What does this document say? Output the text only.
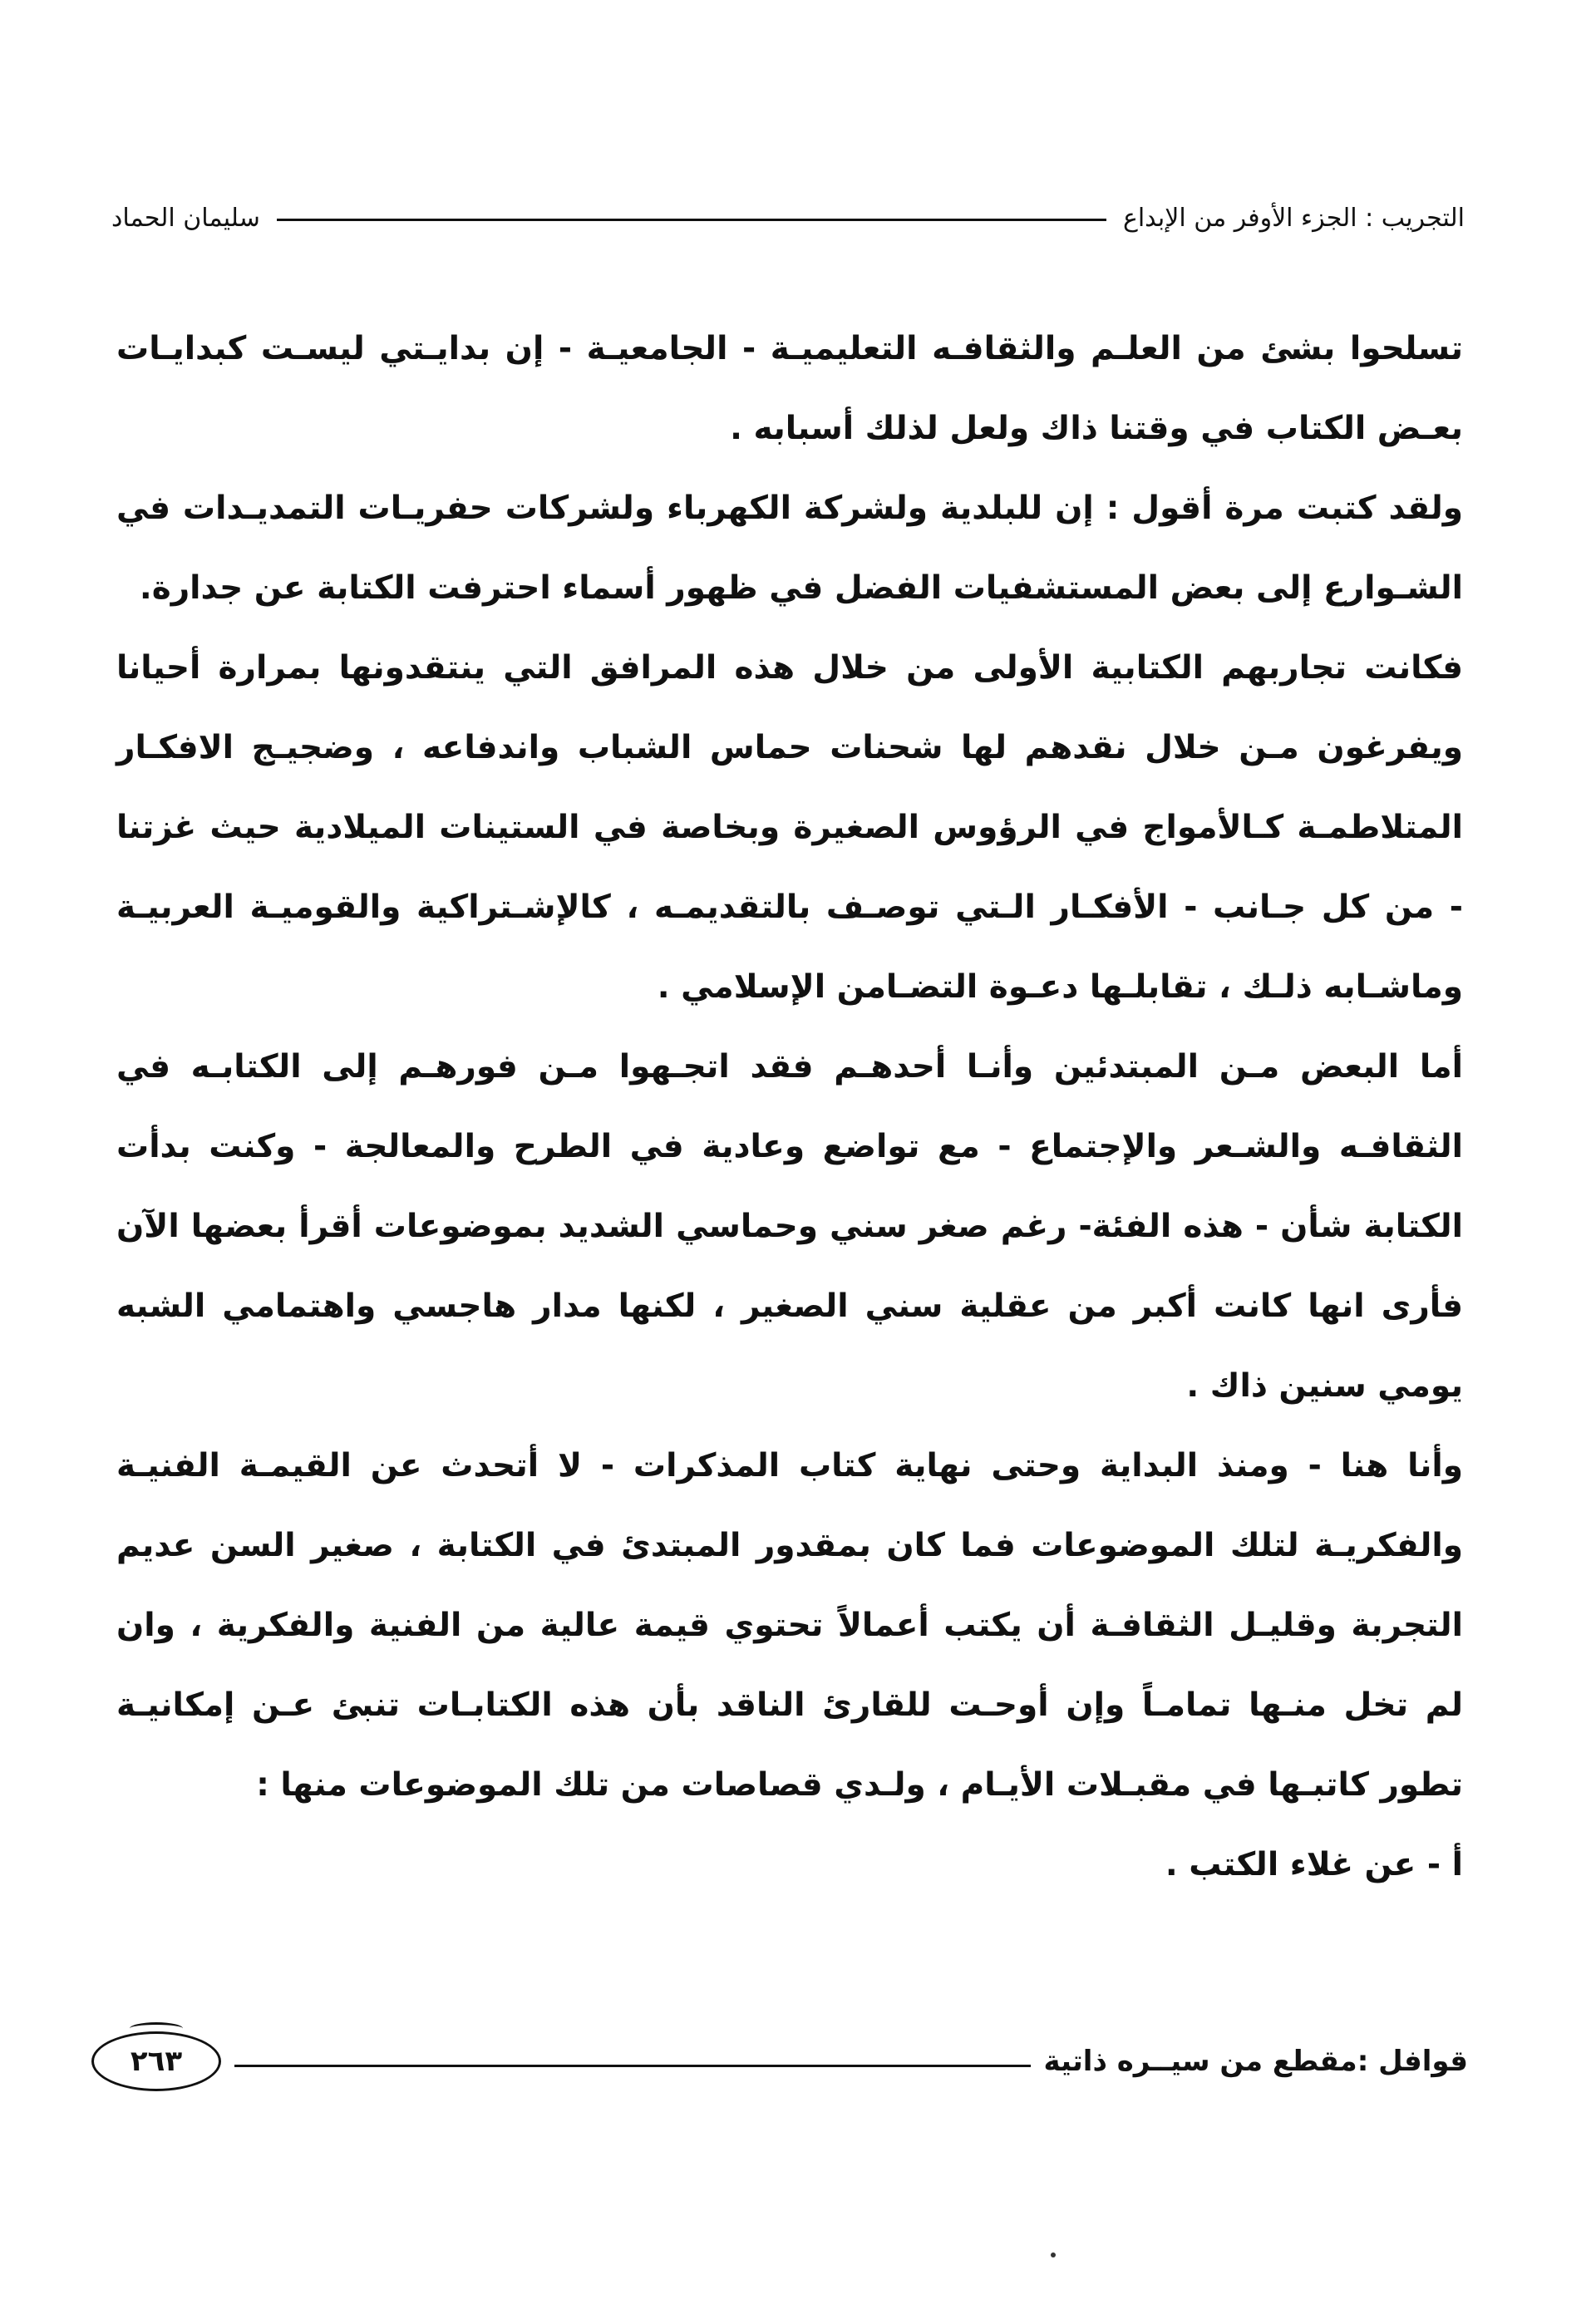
التجريب : الجزء الأوفر من الإبداع
سليمان الحماد

تسلحوا بشئ من العلـم والثقافـه التعليميـة - الجامعيـة - إن بدايـتي ليسـت كبدايـات بعـض الكتاب في وقتنا ذاك ولعل لذلك أسبابه .

ولقد كتبت مرة أقول : إن للبلدية ولشركة الكهرباء ولشركات حفريـات التمديـدات في الشـوارع إلى بعض المستشفيات الفضل في ظهور أسماء احترفت الكتابة عن جدارة.

فكانت تجاربهم الكتابية الأولى من خلال هذه المرافق التي ينتقدونها بمرارة أحيانا ويفرغون مـن خلال نقدهم لها شحنات حماس الشباب واندفاعه ، وضجيـج الافكـار المتلاطمـة كـالأمواج في الرؤوس الصغيرة وبخاصة في الستينات الميلادية حيث غزتنا - من كل جـانب - الأفكـار الـتي توصـف بالتقديمـه ، كالإشـتراكية والقوميـة العربيـة وماشـابه ذلـك ، تقابلـها دعـوة التضـامن الإسلامي .

أما البعض مـن المبتدئين وأنـا أحدهـم فقد اتجـهوا مـن فورهـم إلى الكتابـه في الثقافـه والشـعر والإجتماع - مع تواضع وعادية في الطرح والمعالجة - وكنت بدأت الكتابة شأن - هذه الفئة- رغم صغر سني وحماسي الشديد بموضوعات أقرأ بعضها الآن فأرى انها كانت أكبر من عقلية سني الصغير ، لكنها مدار هاجسي واهتمامي الشبه يومي سنين ذاك .

وأنا هنا - ومنذ البداية وحتى نهاية كتاب المذكرات - لا أتحدث عن القيمـة الفنيـة والفكريـة لتلك الموضوعات فما كان بمقدور المبتدئ في الكتابة ، صغير السن عديم التجربة وقليـل الثقافـة أن يكتب أعمالاً تحتوي قيمة عالية من الفنية والفكرية ، وان لم تخل منـها تمامـاً وإن أوحـت للقارئ الناقد بأن هذه الكتابـات تنبئ عـن إمكانيـة تطور كاتبـها في مقبـلات الأيـام ، ولـدي قصاصات من تلك الموضوعات منها :

أ - عن غلاء الكتب .

قوافل :مقطع من سيــره ذاتية
٢٦٣
